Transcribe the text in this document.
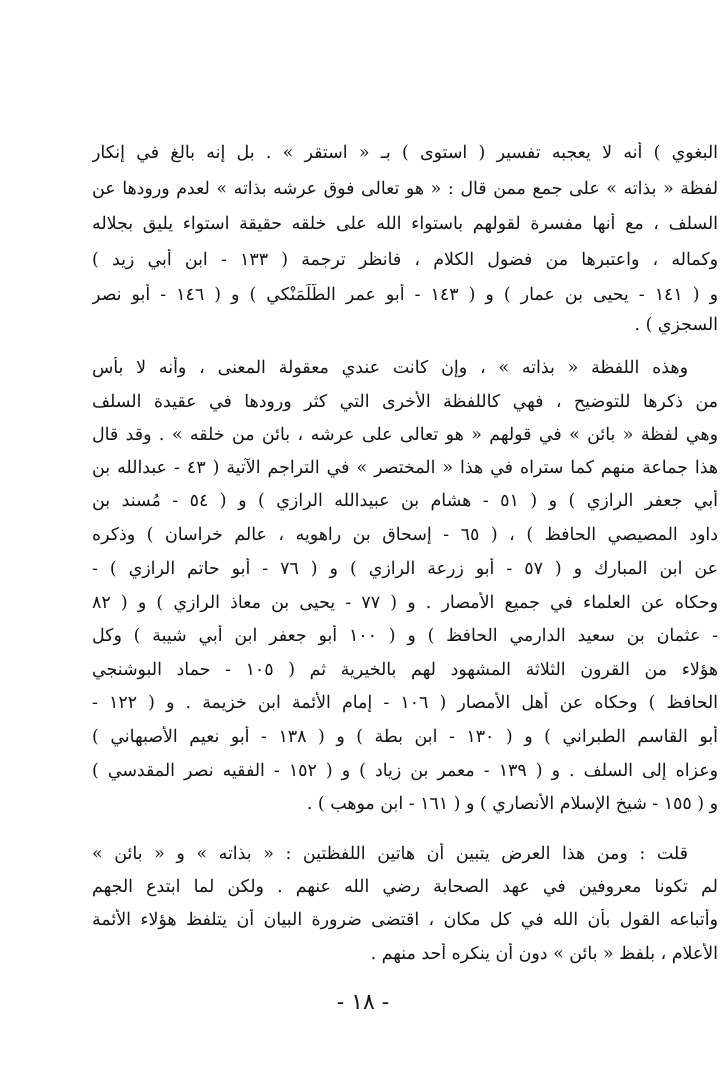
البغوي ) أنه لا يعجبه تفسير ( استوى ) بـ « استقر » . بل إنه بالغ في إنكار
لفظة « بذاته » على جمع ممن قال : « هو تعالى فوق عرشه بذاته » لعدم ورودها عن
السلف ، مع أنها مفسرة لقولهم باستواء الله على خلقه حقيقة استواء يليق بجلاله
وكماله ، واعتبرها من فضول الكلام ، فانظر ترجمة ( ١٣٣ - ابن أبي زيد )
و ( ١٤١ - يحيى بن عمار ) و ( ١٤٣ - أبو عمر الطَّلَمَنْكي ) و ( ١٤٦ - أبو نصر
السجزي ) .
وهذه اللفظة « بذاته » ، وإن كانت عندي معقولة المعنى ، وأنه لا بأس
من ذكرها للتوضيح ، فهي كاللفظة الأخرى التي كثر ورودها في عقيدة السلف
وهي لفظة « بائن » في قولهم « هو تعالى على عرشه ، بائن من خلقه » . وقد قال
هذا جماعة منهم كما ستراه في هذا « المختصر » في التراجم الآتية ( ٤٣ - عبدالله بن
أبي جعفر الرازي ) و ( ٥١ - هشام بن عبيدالله الرازي ) و ( ٥٤ - مُسند بن
داود المصيصي الحافظ ) ، ( ٦٥ - إسحاق بن راهويه ، عالم خراسان ) وذكره
عن ابن المبارك و ( ٥٧ - أبو زرعة الرازي ) و ( ٧٦ - أبو حاتم الرازي ) -
وحكاه عن العلماء في جميع الأمصار . و ( ٧٧ - يحيى بن معاذ الرازي ) و ( ٨٢
- عثمان بن سعيد الدارمي الحافظ ) و ( ١٠٠ أبو جعفر ابن أبي شيبة ) وكل
هؤلاء من القرون الثلاثة المشهود لهم بالخيرية ثم ( ١٠٥ - حماد البوشنجي
الحافظ ) وحكاه عن أهل الأمصار ( ١٠٦ - إمام الأئمة ابن خزيمة . و ( ١٢٢ -
أبو القاسم الطبراني ) و ( ١٣٠ - ابن بطة ) و ( ١٣٨ - أبو نعيم الأصبهاني )
وعزاه إلى السلف . و ( ١٣٩ - معمر بن زياد ) و ( ١٥٢ - الفقيه نصر المقدسي )
و ( ١٥٥ - شيخ الإسلام الأنصاري ) و ( ١٦١ - ابن موهب ) .
قلت : ومن هذا العرض يتبين أن هاتين اللفظتين : « بذاته » و « بائن »
لم تكونا معروفين في عهد الصحابة رضي الله عنهم . ولكن لما ابتدع الجهم
وأتباعه القول بأن الله في كل مكان ، اقتضى ضرورة البيان أن يتلفظ هؤلاء الأئمة
الأعلام ، بلفظ « بائن » دون أن ينكره أحد منهم .
- ١٨ -
